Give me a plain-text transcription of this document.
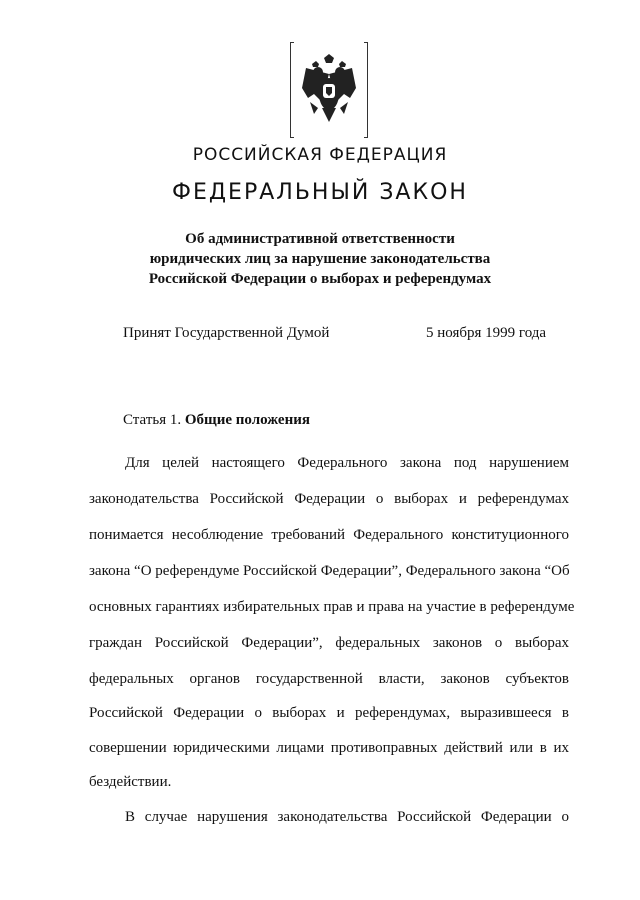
РОССИЙСКАЯ ФЕДЕРАЦИЯ
ФЕДЕРАЛЬНЫЙ ЗАКОН
Об административной ответственности
юридических лиц за нарушение законодательства
Российской Федерации о выборах и референдумах
Принят Государственной Думой	5 ноября 1999 года
Статья 1. Общие положения
Для целей настоящего Федерального закона под нарушением
законодательства Российской Федерации о выборах и референдумах
понимается несоблюдение требований Федерального конституционного
закона “О референдуме Российской Федерации”, Федерального закона “Об
основных гарантиях избирательных прав и права на участие в референдуме
граждан Российской Федерации”, федеральных законов о выборах
федеральных органов государственной власти, законов субъектов
Российской Федерации о выборах и референдумах, выразившееся в
совершении юридическими лицами противоправных действий или в их
бездействии.
В случае нарушения законодательства Российской Федерации о
